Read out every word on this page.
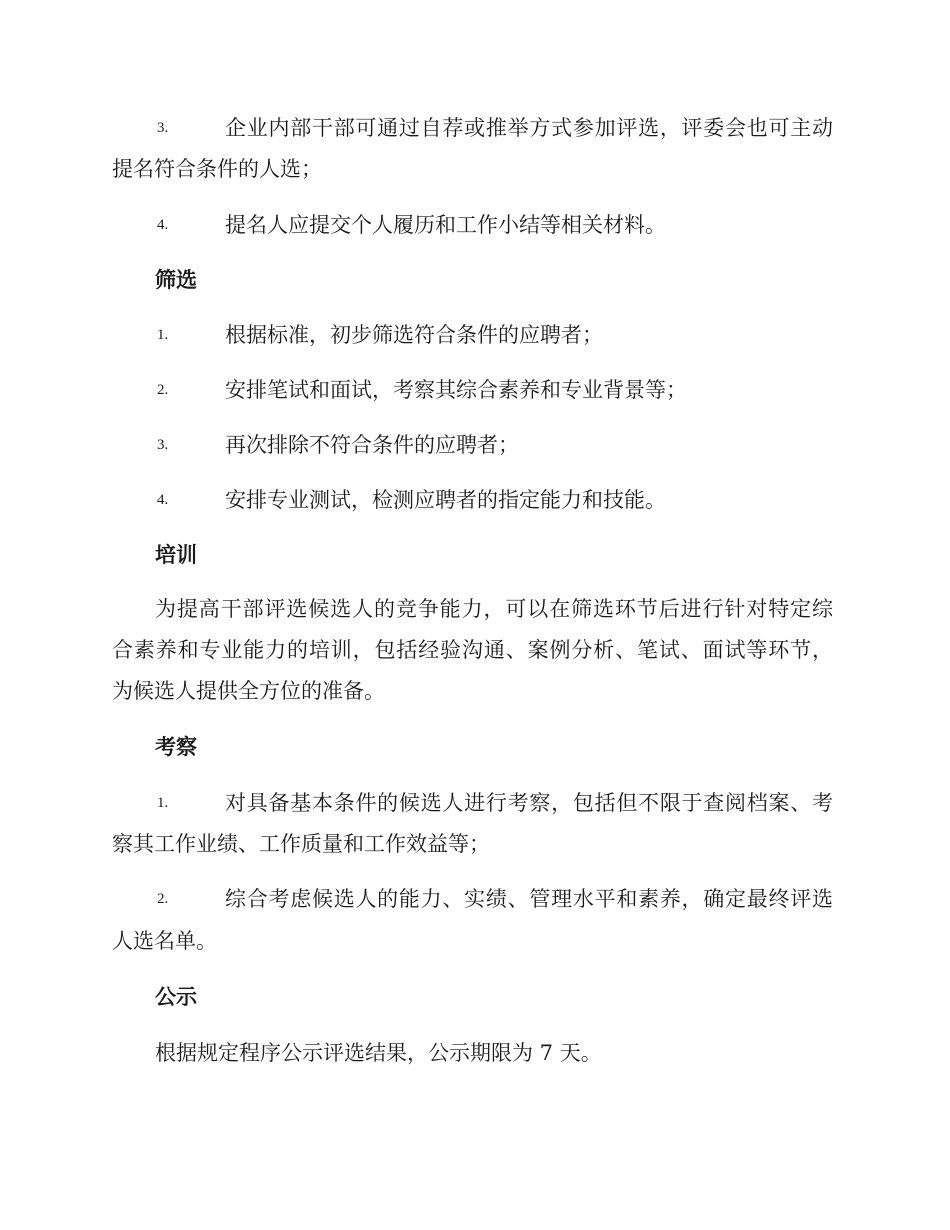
3.	企业内部干部可通过自荐或推举方式参加评选，评委会也可主动
提名符合条件的人选；
4.	提名人应提交个人履历和工作小结等相关材料。
筛选
1.	根据标准，初步筛选符合条件的应聘者；
2.	安排笔试和面试，考察其综合素养和专业背景等；
3.	再次排除不符合条件的应聘者；
4.	安排专业测试，检测应聘者的指定能力和技能。
培训
为提高干部评选候选人的竞争能力，可以在筛选环节后进行针对特定综
合素养和专业能力的培训，包括经验沟通、案例分析、笔试、面试等环节，
为候选人提供全方位的准备。
考察
1.	对具备基本条件的候选人进行考察，包括但不限于查阅档案、考
察其工作业绩、工作质量和工作效益等；
2.	综合考虑候选人的能力、实绩、管理水平和素养，确定最终评选
人选名单。
公示
根据规定程序公示评选结果，公示期限为 7 天。
